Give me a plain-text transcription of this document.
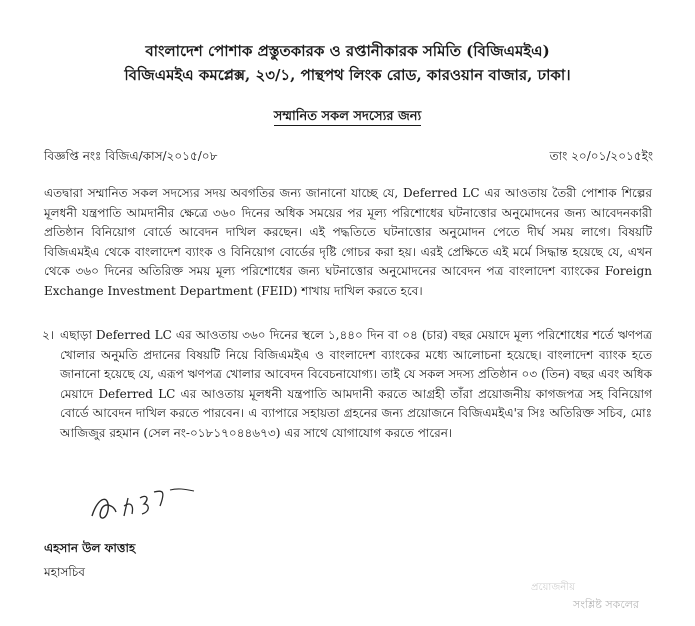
বাংলাদেশ পোশাক প্রস্তুতকারক ও রপ্তানীকারক সমিতি (বিজিএমইএ)
বিজিএমইএ কমপ্লেক্স, ২৩/১, পান্থপথ লিংক রোড, কারওয়ান বাজার, ঢাকা।
সম্মানিত সকল সদস্যের জন্য
বিজ্ঞপ্তি নংঃ বিজিএ/কাস/২০১৫/০৮	তাং ২০/০১/২০১৫ইং
এতদ্বারা সম্মানিত সকল সদস্যের সদয় অবগতির জন্য জানানো যাচ্ছে যে, Deferred LC এর আওতায় তৈরী পোশাক শিল্পের মূলধনী যন্ত্রপাতি আমদানীর ক্ষেত্রে ৩৬০ দিনের অধিক সময়ের পর মূল্য পরিশোধের ঘটনাত্তোর অনুমোদনের জন্য আবেদনকারী প্রতিষ্ঠান বিনিয়োগ বোর্ডে আবেদন দাখিল করছেন। এই পদ্ধতিতে ঘটনাত্তোর অনুমোদন পেতে দীর্ঘ সময় লাগে। বিষয়টি বিজিএমইএ থেকে বাংলাদেশ ব্যাংক ও বিনিয়োগ বোর্ডের দৃষ্টি গোচর করা হয়। এরই প্রেক্ষিতে এই মর্মে সিদ্ধান্ত হয়েছে যে, এখন থেকে ৩৬০ দিনের অতিরিক্ত সময় মূল্য পরিশোধের জন্য ঘটনাত্তোর অনুমোদনের আবেদন পত্র বাংলাদেশ ব্যাংকের Foreign Exchange Investment Department (FEID) শাখায় দাখিল করতে হবে।
২। এছাড়া Deferred LC এর আওতায় ৩৬০ দিনের স্থলে ১,৪৪০ দিন বা ০৪ (চার) বছর মেয়াদে মূল্য পরিশোধের শর্তে ঋণপত্র খোলার অনুমতি প্রদানের বিষয়টি নিয়ে বিজিএমইএ ও বাংলাদেশ ব্যাংকের মধ্যে আলোচনা হয়েছে। বাংলাদেশ ব্যাংক হতে জানানো হয়েছে যে, এরূপ ঋণপত্র খোলার আবেদন বিবেচনাযোগ্য। তাই যে সকল সদস্য প্রতিষ্ঠান ০৩ (তিন) বছর এবং অধিক মেয়াদে Deferred LC এর আওতায় মূলধনী যন্ত্রপাতি আমদানী করতে আগ্রহী তাঁরা প্রয়োজনীয় কাগজপত্র সহ বিনিয়োগ বোর্ডে আবেদন দাখিল করতে পারবেন। এ ব্যাপারে সহায়তা গ্রহনের জন্য প্রয়োজনে বিজিএমইএ'র সিঃ অতিরিক্ত সচিব, মোঃ আজিজুর রহমান (সেল নং-০১৮১৭০৪৪৬৭৩) এর সাথে যোগাযোগ করতে পারেন।
এহসান উল ফাত্তাহ
মহাসচিব
প্রয়োজনীয়
সংশ্লিষ্ট সকলের
